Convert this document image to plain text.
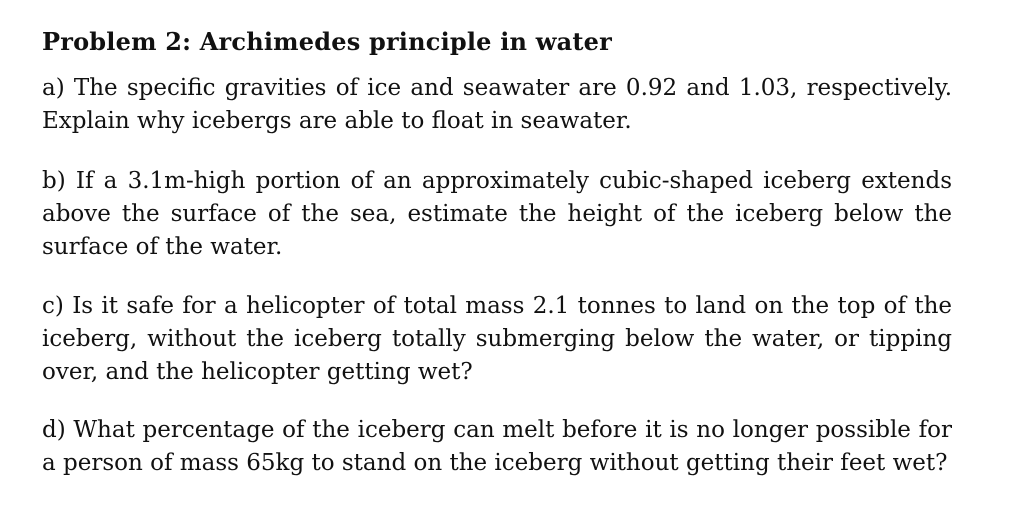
Problem 2: Archimedes principle in water

a) The specific gravities of ice and seawater are 0.92 and 1.03, respectively. Explain why icebergs are able to float in seawater.

b) If a 3.1m-high portion of an approximately cubic-shaped iceberg extends above the surface of the sea, estimate the height of the iceberg below the surface of the water.

c) Is it safe for a helicopter of total mass 2.1 tonnes to land on the top of the iceberg, without the iceberg totally submerging below the water, or tipping over, and the helicopter getting wet?

d) What percentage of the iceberg can melt before it is no longer possible for a person of mass 65kg to stand on the iceberg without getting their feet wet?
